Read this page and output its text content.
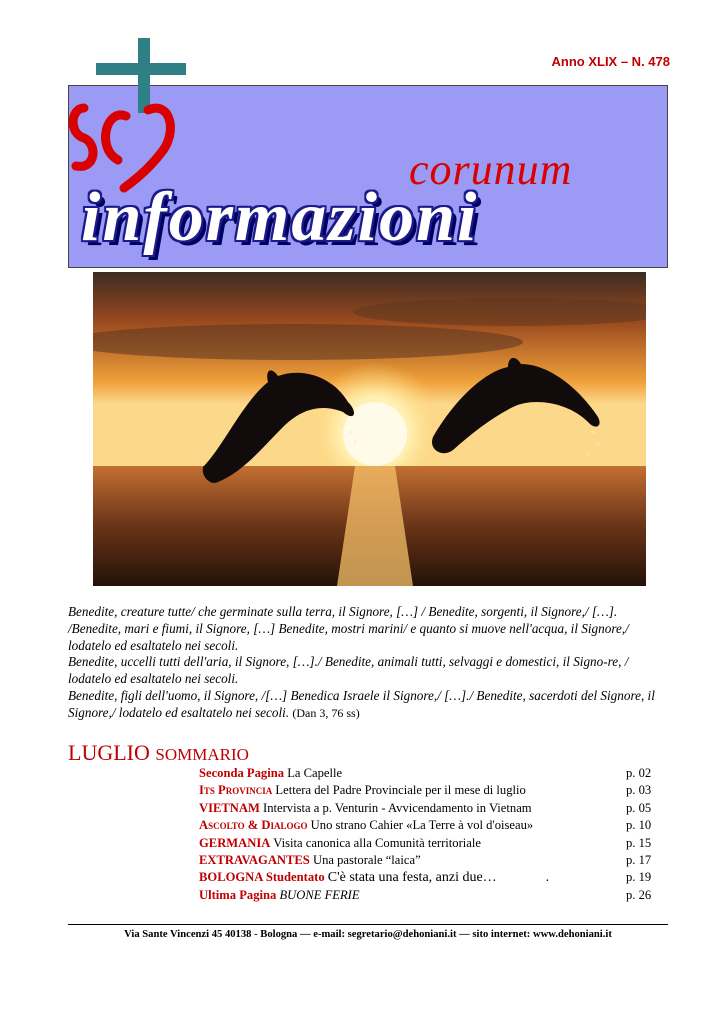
Anno XLIX – N. 478
corunum
informazioni

Benedite, creature tutte/ che germinate sulla terra, il Signore, […] / Benedite, sorgenti, il Signore,/ […]. /Benedite, mari e fiumi, il Signore, […] Benedite, mostri marini/ e quanto si muove nell'acqua, il Signore,/ lodatelo ed esaltatelo nei secoli.

Benedite, uccelli tutti dell'aria, il Signore, […]./ Benedite, animali tutti, selvaggi e domestici, il Signo-re, / lodatelo ed esaltatelo nei secoli.

Benedite, figli dell'uomo, il Signore, /[…] Benedica Israele il Signore,/ […]./ Benedite, sacerdoti del Signore, il Signore,/ lodatelo ed esaltatelo nei secoli. (Dan 3, 76 ss)

LUGLIO SOMMARIO
Seconda Pagina La Capelle	p. 02
Its Provincia Lettera del Padre Provinciale per il mese di luglio	p. 03
VIETNAM Intervista a p. Venturin - Avvicendamento in Vietnam	p. 05
Ascolto & Dialogo Uno strano Cahier «La Terre à vol d'oiseau»	p. 10
GERMANIA Visita canonica alla Comunità territoriale	p. 15
EXTRAVAGANTES Una pastorale “laica”	p. 17
BOLOGNA Studentato C'è stata una festa, anzi due…              .	p. 19
Ultima Pagina BUONE FERIE	p. 26
Via Sante Vincenzi 45 40138 - Bologna — e-mail: segretario@dehoniani.it — sito internet: www.dehoniani.it
